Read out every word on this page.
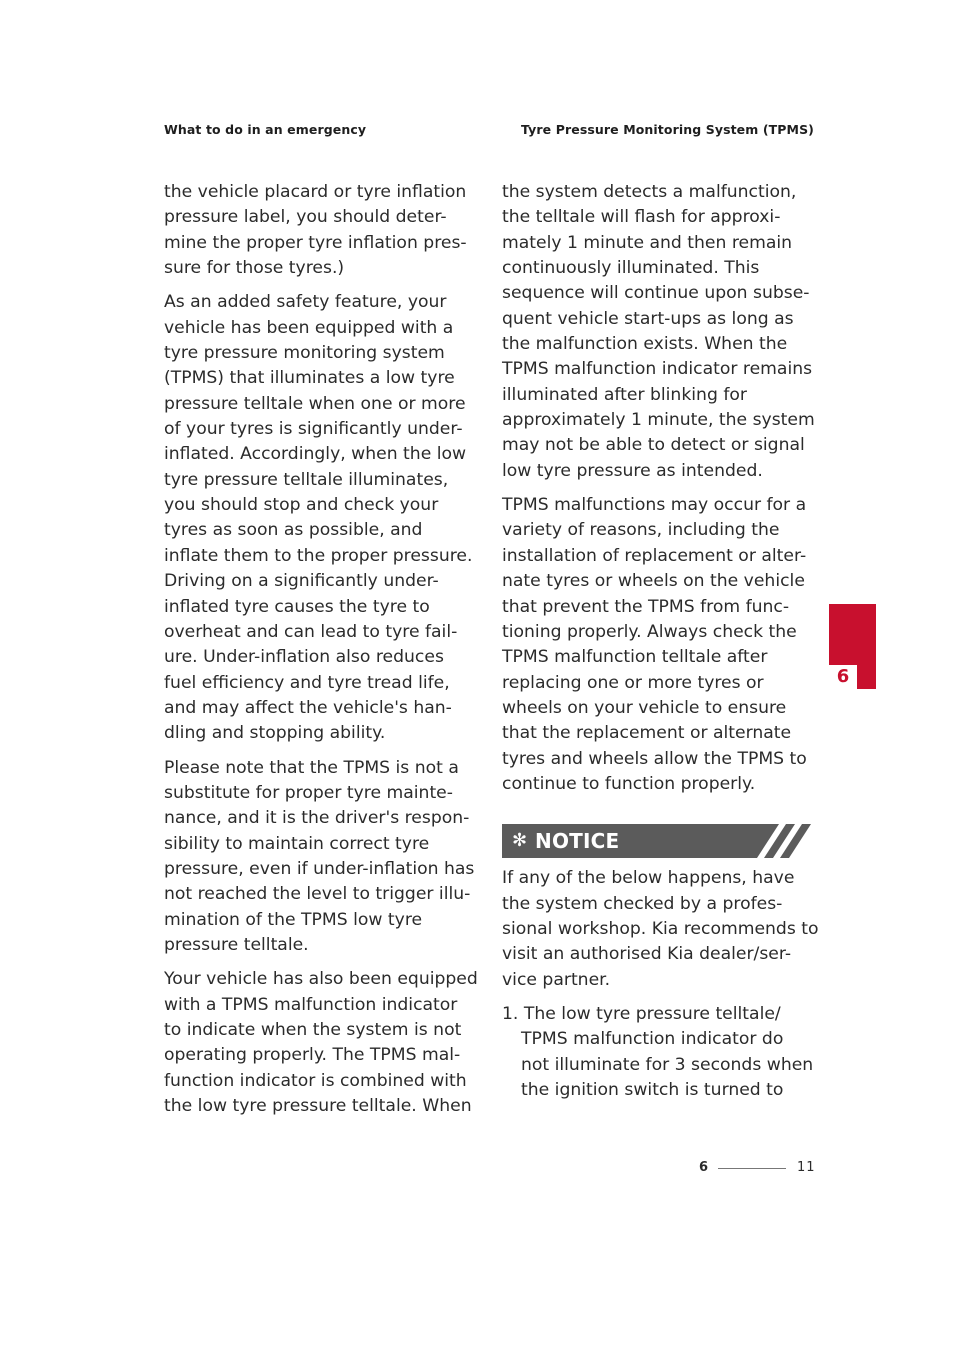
What to do in an emergency	Tyre Pressure Monitoring System (TPMS)

the vehicle placard or tyre inflation
pressure label, you should deter-
mine the proper tyre inflation pres-
sure for those tyres.)

As an added safety feature, your
vehicle has been equipped with a
tyre pressure monitoring system
(TPMS) that illuminates a low tyre
pressure telltale when one or more
of your tyres is significantly under-
inflated. Accordingly, when the low
tyre pressure telltale illuminates,
you should stop and check your
tyres as soon as possible, and
inflate them to the proper pressure.
Driving on a significantly under-
inflated tyre causes the tyre to
overheat and can lead to tyre fail-
ure. Under-inflation also reduces
fuel efficiency and tyre tread life,
and may affect the vehicle's han-
dling and stopping ability.

Please note that the TPMS is not a
substitute for proper tyre mainte-
nance, and it is the driver's respon-
sibility to maintain correct tyre
pressure, even if under-inflation has
not reached the level to trigger illu-
mination of the TPMS low tyre
pressure telltale.

Your vehicle has also been equipped
with a TPMS malfunction indicator
to indicate when the system is not
operating properly. The TPMS mal-
function indicator is combined with
the low tyre pressure telltale. When

the system detects a malfunction,
the telltale will flash for approxi-
mately 1 minute and then remain
continuously illuminated. This
sequence will continue upon subse-
quent vehicle start-ups as long as
the malfunction exists. When the
TPMS malfunction indicator remains
illuminated after blinking for
approximately 1 minute, the system
may not be able to detect or signal
low tyre pressure as intended.

TPMS malfunctions may occur for a
variety of reasons, including the
installation of replacement or alter-
nate tyres or wheels on the vehicle
that prevent the TPMS from func-
tioning properly. Always check the
TPMS malfunction telltale after
replacing one or more tyres or
wheels on your vehicle to ensure
that the replacement or alternate
tyres and wheels allow the TPMS to
continue to function properly.

✻ NOTICE

If any of the below happens, have
the system checked by a profes-
sional workshop. Kia recommends to
visit an authorised Kia dealer/ser-
vice partner.

1. The low tyre pressure telltale/
TPMS malfunction indicator do
not illuminate for 3 seconds when
the ignition switch is turned to

6
6	11
